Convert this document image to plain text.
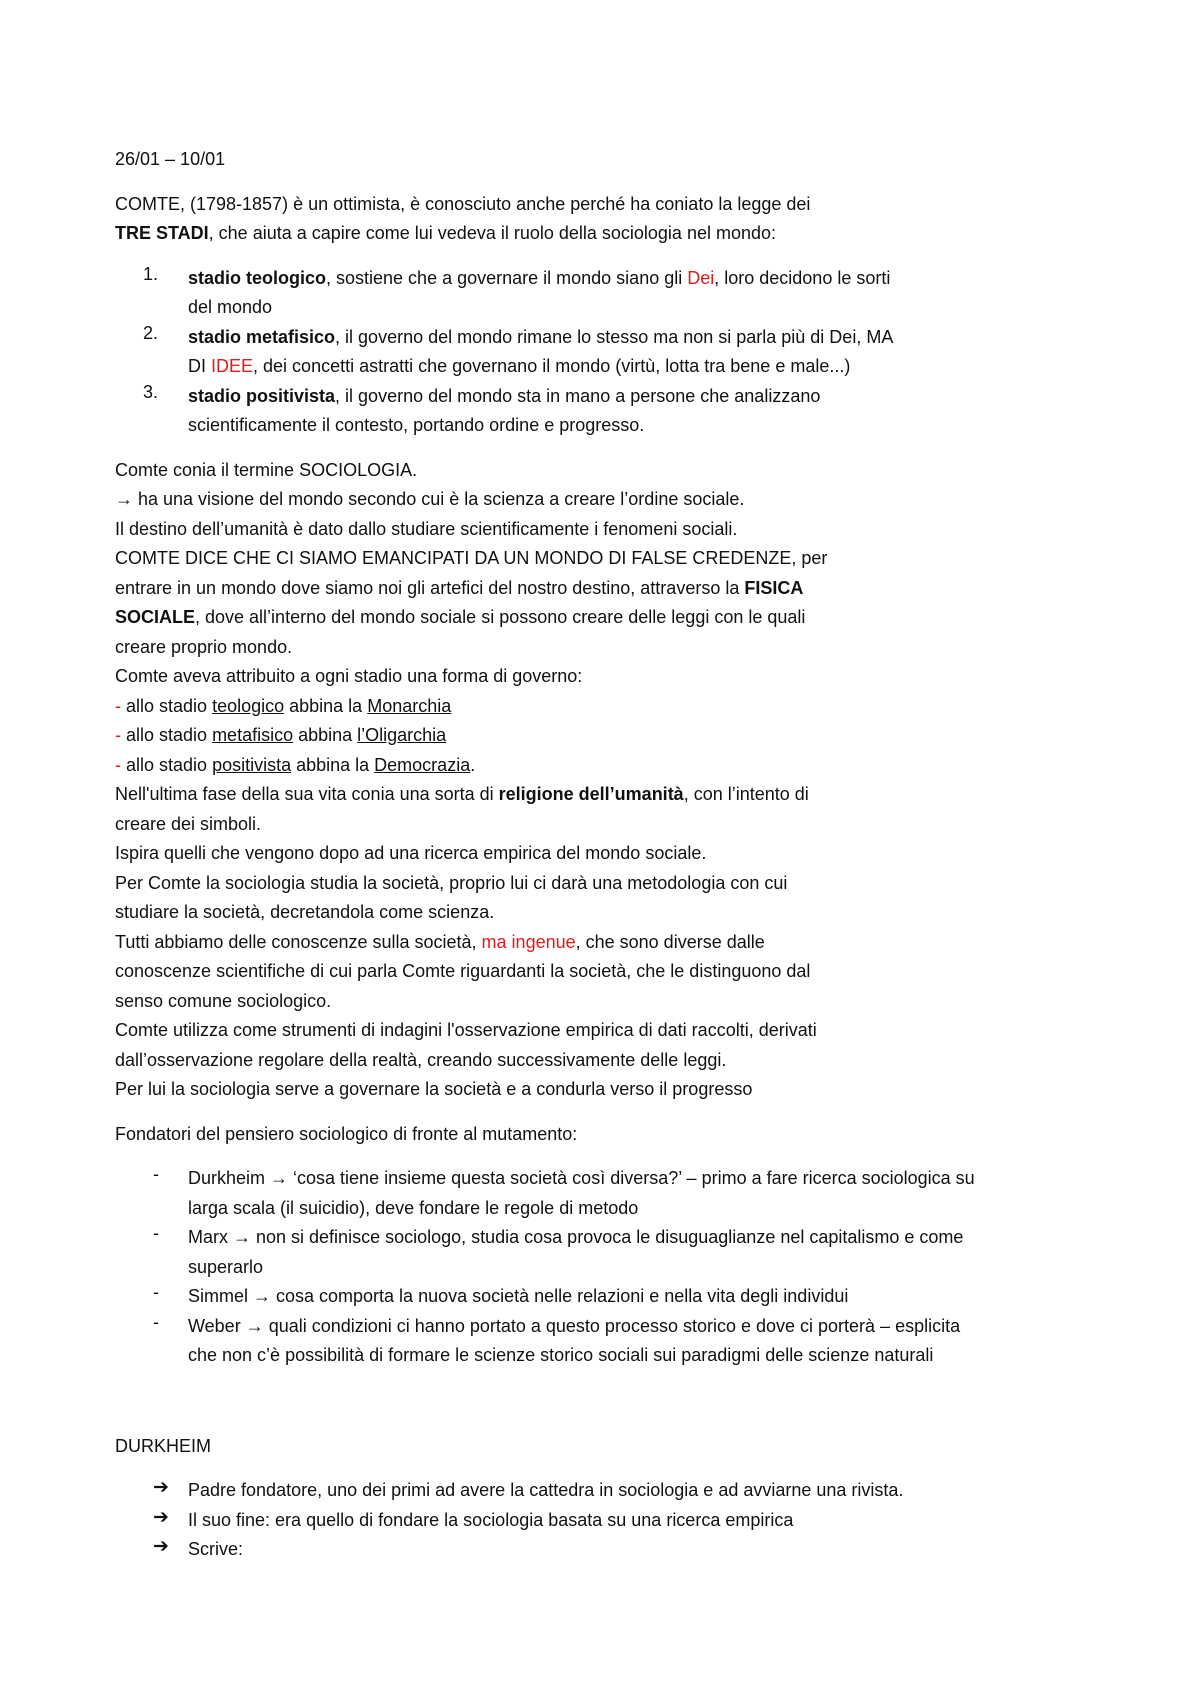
26/01 – 10/01
COMTE, (1798-1857) è un ottimista, è conosciuto anche perché ha coniato la legge dei
TRE STADI, che aiuta a capire come lui vedeva il ruolo della sociologia nel mondo:
1. stadio teologico, sostiene che a governare il mondo siano gli Dei, loro decidono le sorti
del mondo
2. stadio metafisico, il governo del mondo rimane lo stesso ma non si parla più di Dei, MA
DI IDEE, dei concetti astratti che governano il mondo (virtù, lotta tra bene e male...)
3. stadio positivista, il governo del mondo sta in mano a persone che analizzano
scientificamente il contesto, portando ordine e progresso.
Comte conia il termine SOCIOLOGIA.
→ ha una visione del mondo secondo cui è la scienza a creare l’ordine sociale.
Il destino dell’umanità è dato dallo studiare scientificamente i fenomeni sociali.
COMTE DICE CHE CI SIAMO EMANCIPATI DA UN MONDO DI FALSE CREDENZE, per
entrare in un mondo dove siamo noi gli artefici del nostro destino, attraverso la FISICA
SOCIALE, dove all’interno del mondo sociale si possono creare delle leggi con le quali
creare proprio mondo.
Comte aveva attribuito a ogni stadio una forma di governo:
- allo stadio teologico abbina la Monarchia
- allo stadio metafisico abbina l’Oligarchia
- allo stadio positivista abbina la Democrazia.
Nell'ultima fase della sua vita conia una sorta di religione dell’umanità, con l’intento di
creare dei simboli.
Ispira quelli che vengono dopo ad una ricerca empirica del mondo sociale.
Per Comte la sociologia studia la società, proprio lui ci darà una metodologia con cui
studiare la società, decretandola come scienza.
Tutti abbiamo delle conoscenze sulla società, ma ingenue, che sono diverse dalle
conoscenze scientifiche di cui parla Comte riguardanti la società, che le distinguono dal
senso comune sociologico.
Comte utilizza come strumenti di indagini l'osservazione empirica di dati raccolti, derivati
dall’osservazione regolare della realtà, creando successivamente delle leggi.
Per lui la sociologia serve a governare la società e a condurla verso il progresso
Fondatori del pensiero sociologico di fronte al mutamento:
- Durkheim → ‘cosa tiene insieme questa società così diversa?’ – primo a fare ricerca sociologica su
larga scala (il suicidio), deve fondare le regole di metodo
- Marx → non si definisce sociologo, studia cosa provoca le disuguaglianze nel capitalismo e come
superarlo
- Simmel → cosa comporta la nuova società nelle relazioni e nella vita degli individui
- Weber → quali condizioni ci hanno portato a questo processo storico e dove ci porterà – esplicita
che non c’è possibilità di formare le scienze storico sociali sui paradigmi delle scienze naturali
DURKHEIM
➔ Padre fondatore, uno dei primi ad avere la cattedra in sociologia e ad avviarne una rivista.
➔ Il suo fine: era quello di fondare la sociologia basata su una ricerca empirica
➔ Scrive:
